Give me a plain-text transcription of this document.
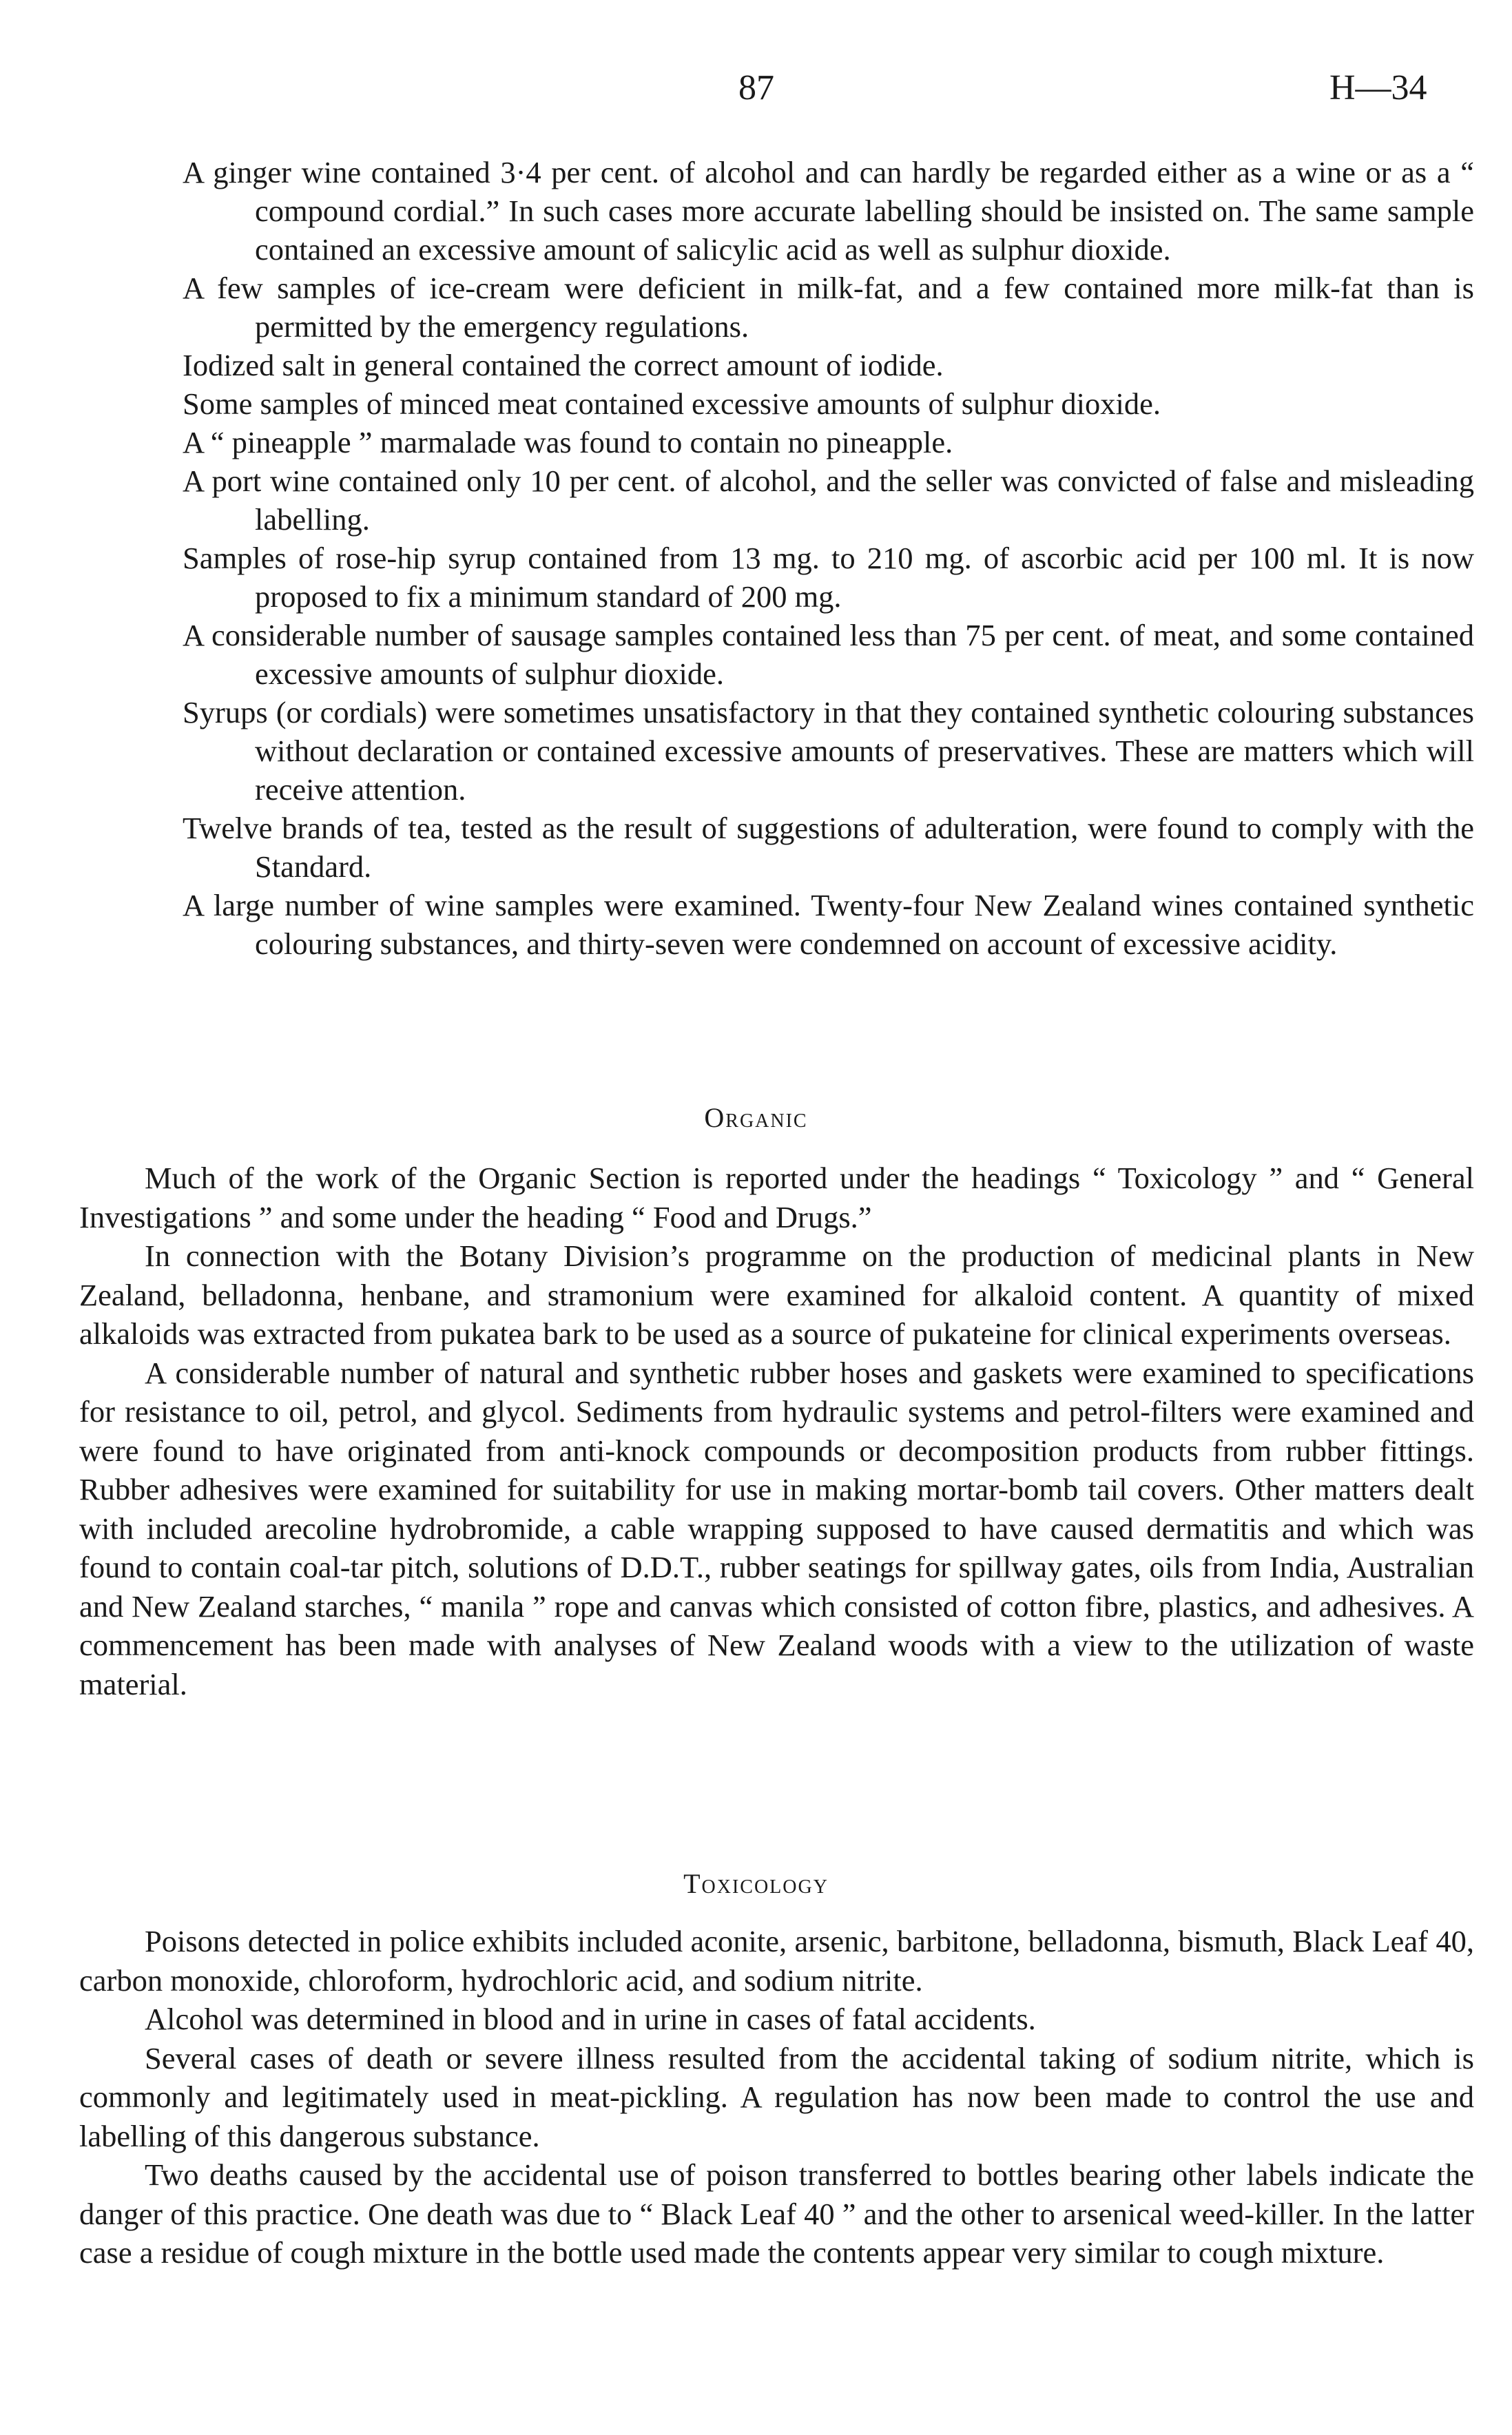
87	H—34
A ginger wine contained 3·4 per cent. of alcohol and can hardly be regarded either as a wine or as a “ compound cordial.” In such cases more accurate labelling should be insisted on. The same sample contained an excessive amount of salicylic acid as well as sulphur dioxide.
A few samples of ice-cream were deficient in milk-fat, and a few contained more milk-fat than is permitted by the emergency regulations.
Iodized salt in general contained the correct amount of iodide.
Some samples of minced meat contained excessive amounts of sulphur dioxide.
A “ pineapple ” marmalade was found to contain no pineapple.
A port wine contained only 10 per cent. of alcohol, and the seller was convicted of false and misleading labelling.
Samples of rose-hip syrup contained from 13 mg. to 210 mg. of ascorbic acid per 100 ml. It is now proposed to fix a minimum standard of 200 mg.
A considerable number of sausage samples contained less than 75 per cent. of meat, and some contained excessive amounts of sulphur dioxide.
Syrups (or cordials) were sometimes unsatisfactory in that they contained synthetic colouring substances without declaration or contained excessive amounts of preservatives. These are matters which will receive attention.
Twelve brands of tea, tested as the result of suggestions of adulteration, were found to comply with the Standard.
A large number of wine samples were examined. Twenty-four New Zealand wines contained synthetic colouring substances, and thirty-seven were condemned on account of excessive acidity.
Organic

Much of the work of the Organic Section is reported under the headings “ Toxicology ” and “ General Investigations ” and some under the heading “ Food and Drugs.”

In connection with the Botany Division’s programme on the production of medicinal plants in New Zealand, belladonna, henbane, and stramonium were examined for alkaloid content. A quantity of mixed alkaloids was extracted from pukatea bark to be used as a source of pukateine for clinical experiments overseas.

A considerable number of natural and synthetic rubber hoses and gaskets were examined to specifications for resistance to oil, petrol, and glycol. Sediments from hydraulic systems and petrol-filters were examined and were found to have originated from anti-knock compounds or decomposition products from rubber fittings. Rubber adhesives were examined for suitability for use in making mortar-bomb tail covers. Other matters dealt with included arecoline hydrobromide, a cable wrapping supposed to have caused dermatitis and which was found to contain coal-tar pitch, solutions of D.D.T., rubber seatings for spillway gates, oils from India, Australian and New Zealand starches, “ manila ” rope and canvas which consisted of cotton fibre, plastics, and adhesives. A commencement has been made with analyses of New Zealand woods with a view to the utilization of waste material.

Toxicology

Poisons detected in police exhibits included aconite, arsenic, barbitone, belladonna, bismuth, Black Leaf 40, carbon monoxide, chloroform, hydrochloric acid, and sodium nitrite.

Alcohol was determined in blood and in urine in cases of fatal accidents.

Several cases of death or severe illness resulted from the accidental taking of sodium nitrite, which is commonly and legitimately used in meat-pickling. A regulation has now been made to control the use and labelling of this dangerous substance.

Two deaths caused by the accidental use of poison transferred to bottles bearing other labels indicate the danger of this practice. One death was due to “ Black Leaf 40 ” and the other to arsenical weed-killer. In the latter case a residue of cough mixture in the bottle used made the contents appear very similar to cough mixture.
